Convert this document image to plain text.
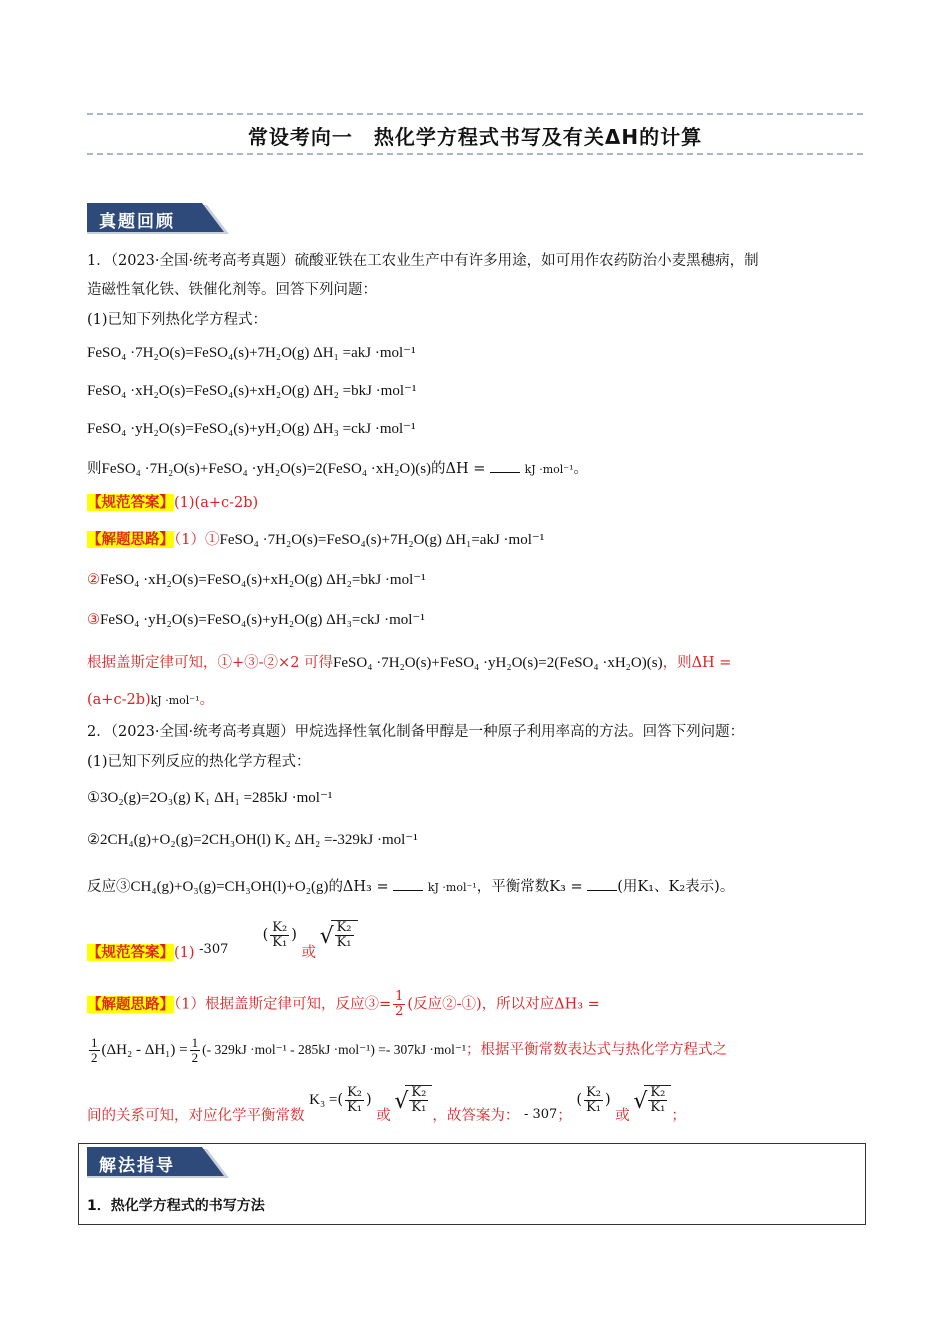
常设考向一　热化学方程式书写及有关ΔH的计算
真题回顾
1．（2023·全国·统考高考真题）硫酸亚铁在工农业生产中有许多用途，如可用作农药防治小麦黑穗病，制
造磁性氧化铁、铁催化剂等。回答下列问题：
(1)已知下列热化学方程式：
FeSO₄ ·7H₂O(s)=FeSO₄(s)+7H₂O(g) ΔH₁ =akJ ·mol⁻¹
FeSO₄ ·xH₂O(s)=FeSO₄(s)+xH₂O(g) ΔH₂ =bkJ ·mol⁻¹
FeSO₄ ·yH₂O(s)=FeSO₄(s)+yH₂O(g) ΔH₃ =ckJ ·mol⁻¹
则FeSO₄ ·7H₂O(s)+FeSO₄ ·yH₂O(s)=2(FeSO₄ ·xH₂O)(s)的ΔH =	kJ ·mol⁻¹。
【规范答案】(1)(a+c-2b)
【解题思路】（1）①FeSO₄ ·7H₂O(s)=FeSO₄(s)+7H₂O(g) ΔH₁=akJ ·mol⁻¹
②FeSO₄ ·xH₂O(s)=FeSO₄(s)+xH₂O(g) ΔH₂=bkJ ·mol⁻¹
③FeSO₄ ·yH₂O(s)=FeSO₄(s)+yH₂O(g) ΔH₃=ckJ ·mol⁻¹
根据盖斯定律可知，①+③-②×2 可得FeSO₄ ·7H₂O(s)+FeSO₄ ·yH₂O(s)=2(FeSO₄ ·xH₂O)(s)，则ΔH =
(a+c-2b)kJ ·mol⁻¹。
2．（2023·全国·统考高考真题）甲烷选择性氧化制备甲醇是一种原子利用率高的方法。回答下列问题：
(1)已知下列反应的热化学方程式：
①3O₂(g)=2O₃(g) K₁ ΔH₁ =285kJ ·mol⁻¹
②2CH₄(g)+O₂(g)=2CH₃OH(l) K₂ ΔH₂ =-329kJ ·mol⁻¹
反应③CH₄(g)+O₃(g)=CH₃OH(l)+O₂(g)的ΔH₃ =	kJ ·mol⁻¹，平衡常数K₃ = (用K₁、K₂表示)。
【规范答案】(1) -307  ( $\frac{\text{K₂}}{\text{K₁}}$ ) 或
√ $\frac{\text{K₂}}{\text{K₁}}$
【解题思路】（1）根据盖斯定律可知，反应③= $\frac{1}{2}$ (反应②-①)，所以对应ΔH₃ =
$\frac{1}{2} (\Delta H_2 - \Delta H_1) = \frac{1}{2}$ (- 329kJ ·mol⁻¹ - 285kJ ·mol⁻¹) =- 307kJ ·mol⁻¹；根据平衡常数表达式与热化学方程式之
间的关系可知，对应化学平衡常数 K₃ =( $\frac{\text{K₂}}{\text{K₁}}$ ) 或
√ $\frac{\text{K₂}}{\text{K₁}}$
，故答案为： - 307； ( $\frac{\text{K₂}}{\text{K₁}}$ ) 或
√ $\frac{\text{K₂}}{\text{K₁}}$
；
解法指导
1．热化学方程式的书写方法
